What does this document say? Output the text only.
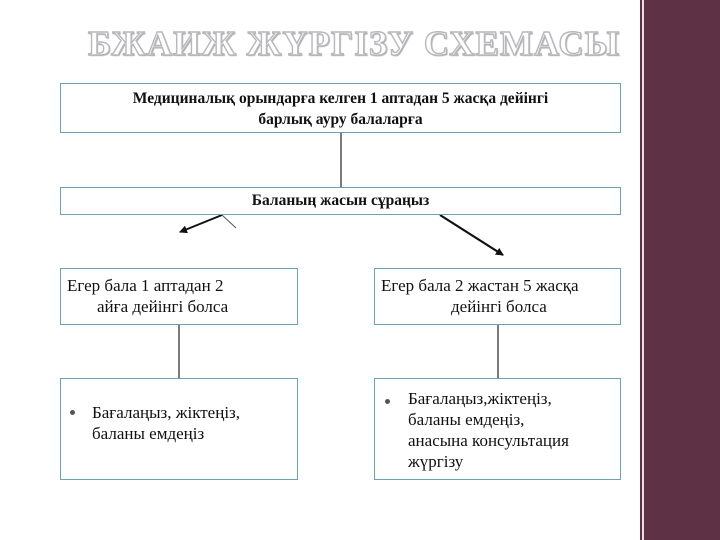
БЖАИЖ ЖҮРГІЗУ СХЕМАСЫ
Медициналық орындарға келген 1 аптадан 5 жасқа дейінгі
барлық ауру балаларға
Баланың жасын сұраңыз
Егер бала 1 аптадан 2
айға дейінгі болса
Егер бала 2 жастан 5 жасқа
дейінгі болса
Бағалаңыз, жіктеңіз,
баланы емдеңіз
Бағалаңыз,жіктеңіз,
баланы емдеңіз,
анасына консультация
жүргізу
